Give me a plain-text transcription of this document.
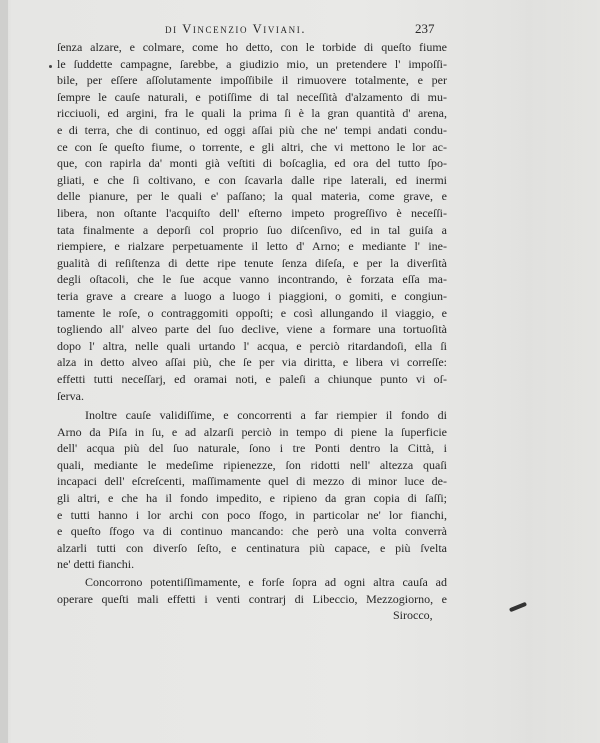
di Vincenzio Viviani.	237
ſenza alzare, e colmare, come ho detto, con le torbide di queſto fiume
le ſuddette campagne, ſarebbe, a giudizio mio, un pretendere l' impoſſi-
bile, per eſſere aſſolutamente impoſſibile il rimuovere totalmente, e per
ſempre le cauſe naturali, e potiſſime di tal neceſſità d'alzamento di mu-
ricciuoli, ed argini, fra le quali la prima ſi è la gran quantità d' arena,
e di terra, che di continuo, ed oggi aſſai più che ne' tempi andati condu-
ce con ſe queſto fiume, o torrente, e gli altri, che vi mettono le lor ac-
que, con rapirla da' monti già veſtiti di boſcaglia, ed ora del tutto ſpo-
gliati, e che ſi coltivano, e con ſcavarla dalle ripe laterali, ed inermi
delle pianure, per le quali e' paſſano; la qual materia, come grave, e
libera, non oſtante l'acquiſto dell' eſterno impeto progreſſivo è neceſſi-
tata finalmente a deporſi col proprio ſuo diſcenſivo, ed in tal guiſa a
riempiere, e rialzare perpetuamente il letto d' Arno; e mediante l' ine-
gualità di reſiſtenza di dette ripe tenute ſenza diſeſa, e per la diverſità
degli oſtacoli, che le ſue acque vanno incontrando, è forzata eſſa ma-
teria grave a creare a luogo a luogo i piaggioni, o gomiti, e congiun-
tamente le roſe, o contraggomiti oppoſti; e così allungando il viaggio, e
togliendo all' alveo parte del ſuo declive, viene a formare una tortuoſità
dopo l' altra, nelle quali urtando l' acqua, e perciò ritardandoſi, ella ſi
alza in detto alveo aſſai più, che ſe per via diritta, e libera vi correſſe:
effetti tutti neceſſarj, ed oramai noti, e paleſi a chiunque punto vi oſ-
ſerva.
Inoltre cauſe validiſſime, e concorrenti a far riempier il fondo di
Arno da Piſa in ſu, e ad alzarſi perciò in tempo di piene la ſuperficie
dell' acqua più del ſuo naturale, ſono i tre Ponti dentro la Città, i
quali, mediante le medeſime ripienezze, ſon ridotti nell' altezza quaſi
incapaci dell' eſcreſcenti, maſſimamente quel di mezzo di minor luce de-
gli altri, e che ha il fondo impedito, e ripieno da gran copia di ſaſſi;
e tutti hanno i lor archi con poco ſfogo, in particolar ne' lor fianchi,
e queſto ſfogo va di continuo mancando: che però una volta converrà
alzarli tutti con diverſo ſeſto, e centinatura più capace, e più ſvelta
ne' detti fianchi.
Concorrono potentiſſimamente, e forſe ſopra ad ogni altra cauſa ad
operare queſti mali effetti i venti contrarj di Libeccio, Mezzogiorno, e
Sirocco,
